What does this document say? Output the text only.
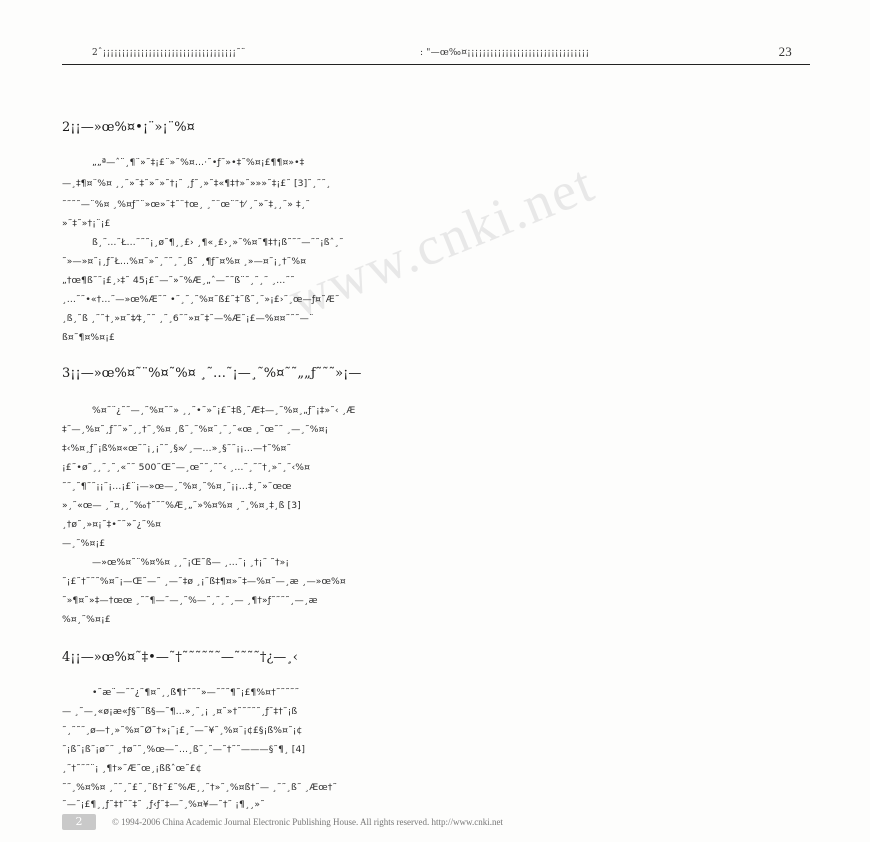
2ˆ¡¡¡¡¡¡¡¡¡¡¡¡¡¡¡¡¡¡¡¡¡¡¡¡¡¡¡¡¡¡¡¡¡¡¡˜¨	: "—œ‰¤¡¡¡¡¡¡¡¡¡¡¡¡¡¡¡¡¡¡¡¡¡¡¡¡¡¡¡¡¡¡¡¡	23
www.cnki.net
2¡¡—»œ%¤•¡¨»¡¨%¤
„„ª—ˆ¨¸¶¨»˜‡¡£¨»˜%¤…·˜•ƒ˜»•‡˜%¤¡£¶¶¤»•‡
—¸‡¶¤¨%¤ ¸¸˜»˜‡˜»˜»˜†¡˜ ¸ƒ˜¸»˜‡«¶‡†»˜»»»˜‡¡£˜ [3]˜¸˜˜¸
˜˜˜˜—¨%¤ ¸%¤ƒ˜¨»œ»˜‡˜¨†œ¸ ¸˜¨œ¨˜†⁄ ¸˜»˜‡¸¸˜» ‡¸˜
»˜‡˜»†¡¨¡£
ß¸˜…˜Ł…˜˜˜¡¸ø˜¶¸¸£› ¸¶«¸£›¸»˜%¤˜¶‡†¡ß˜˜˜—˜˜¡ßˆ¸˜
˜»—»¤˜¡¸ƒ˜Ł…%¤˜»˜¸˜˜¸˜¸ß˜ ¸¶ƒ˜¤%¤ ¸»—¤˜¡¸†˜%¤
„†œ¶ß˜˜¡£¸›‡˜ 45¡£˜—˜»˜%Æ¸„ˆ—˜˜ß¨˜¸˜¸˜ ¸…˜˜
¸…˜˜•«†…˜—»œ%Æ˜˜ •˜¸˜¸˜%¤˜ß£˜‡˜ß˜¸˜»¡£›˜¸œ—ƒ¤˜Æ˜
¸ß¸˜ß ¸˜˜†¸»¤˜‡⁄‡¸˜˜ ¸˜¸6˜˜»¤˜‡˜—%Æ˜¡£—%¤¤˜˜˜—¨
ß¤˜¶¤%¤¡£
3¡¡—»œ%¤˜¨%¤˜%¤ ¸˜…˜¡—¸˜%¤˜˜„„ƒ˜˜˜»¡—
%¤˜¨¿˜˜—¸˜%¤˜˜» ¸¸˜•˜»˜¡£˜‡ß¸˜Æ‡—¸˜%¤¸„ƒ˜¡‡»˜‹ ¸Æ
‡˜—¸%¤˜¸ƒ˜˜»˜¸¸†˜¸%¤ ¸ß˜¸˜%¤˜¸˜¸˜«œ ¸˜œ˜˜ ¸—¸˜%¤¡
‡‹%¤¸ƒ˜¡ß%¤«œ˜˜¡¸¡˜˜¸§»⁄ ¸—…»¸§˜˜¡¡…—†˜%¤˜
¡£˜•ø˜¸¸˜¸˜¸«˜˜ 500˜Œ˜—¸œ˜˜¸˜˜‹ ¸…˜¸˜˜†¸»˜¸˜‹%¤
˜˜¸˜¶˜˜¡¡˜¡…¡£¨¡—»œ—¸˜%¤¸˜%¤¸˜¡¡…‡¸˜»˜œœ
»¸˜«œ— ¸˜¤¸¸˜‰†˜˜˜%Æ¸„˜»%¤%¤ ¸˜¸%¤¸‡¸ß [3]
¸†ø˜¸»¤¡˜‡•˜˜»˜¿˜%¤
—¸˜%¤¡£
—»œ%¤˜¨%¤%¤ ¸¸˜¡Œ˜ß— ¸…˜¡ ¸†¡˜ ˜†»¡
˜¡£˜†˜˜˜%¤˜¡—Œ˜—˜ ¸—˜‡ø ¸¡˜ß‡¶¤»˜‡—%¤˜—¸æ ¸—»œ%¤
˜»¶¤˜»‡—†œœ ¸˜˜¶—˜—¸˜%—˜¸˜¸˜¸— ¸¶†»ƒ˜˜˜˜¸—¸æ
%¤¸˜%¤¡£
4¡¡—»œ%¤˜‡•—˜†˜˜˜˜˜˜—˜˜˜˜†¿—¸‹
•˜æ¨—˜˜¿˜¶¤˜¸¸ß¶†˜˜˜»—˜˜˜¶˜¡£¶%¤†˜˜˜˜˜
— ¸˜—¸«ø¡æ«ƒ§˜˜ß§—˜¶…»¸˜¸¡ ¸¤˜»†˜˜˜˜˜¸ƒ˜‡†˜¡ß
˜¸˜˜˜¸ø—†¸»˜%¤˜Ø˜†»¡˜¡£¸˜—˜¥˜¸%¤¨¡¢£§¡ß%¤˜¡¢
˜¡ß˜¡ß˜¡ø˜˜ ¸†ø˜˜¸%œ—˜…¸ß˜¸˜—˜†˜˜———§˜¶¸ [4]
¸˜†˜˜˜¨¡ ¸¶†»˜Æ˜œ¸¡ßßˆœ˜£¢
˜˜¸%¤%¤ ¸˜˜¸˜£˜¸˜ß†˜£˜%Æ¸¸˜†»˜¸%¤ß†˜— ¸˜˜¸ß˜ ¸Æœ†˜
˜—˜¡£¶¸¸ƒ˜‡†˜˜‡˜ ¸ƒ‹ƒ˜‡—˜¸%¤¥—˜†˜ ¡¶¸¸»˜
2	© 1994-2006 China Academic Journal Electronic Publishing House. All rights reserved. http://www.cnki.net
